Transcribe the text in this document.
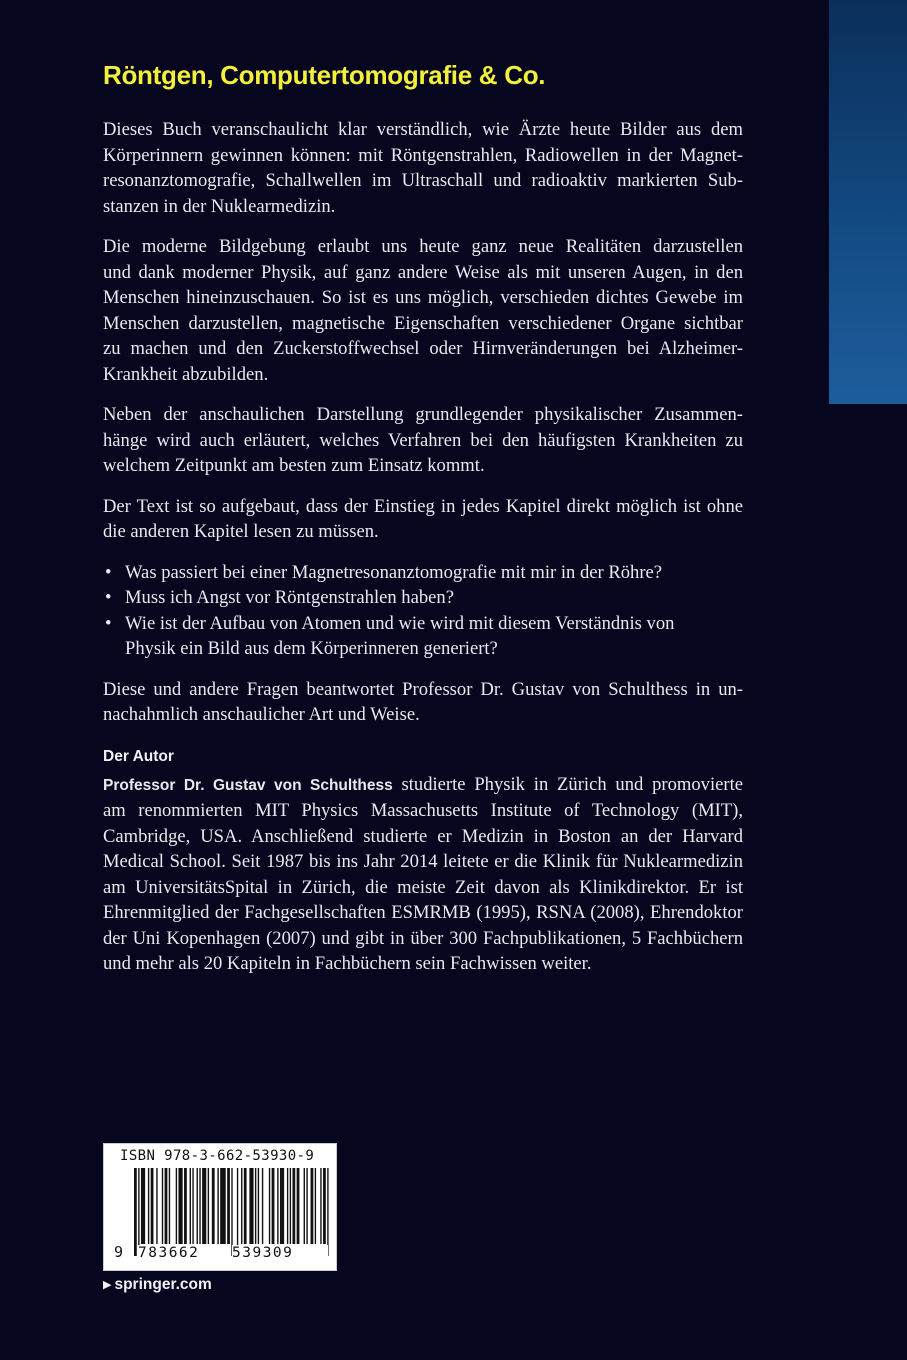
Röntgen, Computertomografie & Co.
Dieses Buch veranschaulicht klar verständlich, wie Ärzte heute Bilder aus dem
Körperinnern gewinnen können: mit Röntgenstrahlen, Radiowellen in der Magnet-
resonanztomografie, Schallwellen im Ultraschall und radioaktiv markierten Sub-
stanzen in der Nuklearmedizin.
Die moderne Bildgebung erlaubt uns heute ganz neue Realitäten darzustellen
und dank moderner Physik, auf ganz andere Weise als mit unseren Augen, in den
Menschen hineinzuschauen. So ist es uns möglich, verschieden dichtes Gewebe im
Menschen darzustellen, magnetische Eigenschaften verschiedener Organe sichtbar
zu machen und den Zuckerstoffwechsel oder Hirnveränderungen bei Alzheimer-
Krankheit abzubilden.
Neben der anschaulichen Darstellung grundlegender physikalischer Zusammen-
hänge wird auch erläutert, welches Verfahren bei den häufigsten Krankheiten zu
welchem Zeitpunkt am besten zum Einsatz kommt.
Der Text ist so aufgebaut, dass der Einstieg in jedes Kapitel direkt möglich ist ohne
die anderen Kapitel lesen zu müssen.
• Was passiert bei einer Magnetresonanztomografie mit mir in der Röhre?
• Muss ich Angst vor Röntgenstrahlen haben?
• Wie ist der Aufbau von Atomen und wie wird mit diesem Verständnis von
Physik ein Bild aus dem Körperinneren generiert?
Diese und andere Fragen beantwortet Professor Dr. Gustav von Schulthess in un-
nachahmlich anschaulicher Art und Weise.
Der Autor
Professor Dr. Gustav von Schulthess studierte Physik in Zürich und promovierte
am renommierten MIT Physics Massachusetts Institute of Technology (MIT),
Cambridge, USA. Anschließend studierte er Medizin in Boston an der Harvard
Medical School. Seit 1987 bis ins Jahr 2014 leitete er die Klinik für Nuklearmedizin
am UniversitätsSpital in Zürich, die meiste Zeit davon als Klinikdirektor. Er ist
Ehrenmitglied der Fachgesellschaften ESMRMB (1995), RSNA (2008), Ehrendoktor
der Uni Kopenhagen (2007) und gibt in über 300 Fachpublikationen, 5 Fachbüchern
und mehr als 20 Kapiteln in Fachbüchern sein Fachwissen weiter.
ISBN 978-3-662-53930-9
9 783662	539309
▶ springer.com
